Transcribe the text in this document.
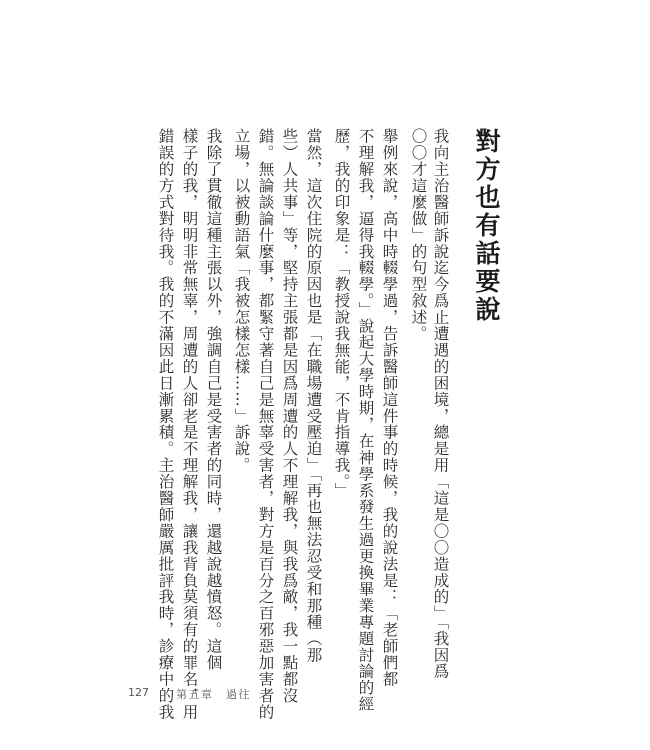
對方也有話要說
我向主治醫師訴說迄今爲止遭遇的困境，總是用「這是〇〇造成的」「我因爲
〇〇才這麼做」的句型敘述。
舉例來說，高中時輟學過，告訴醫師這件事的時候，我的說法是：「老師們都
不理解我，逼得我輟學。」說起大學時期，在神學系發生過更換畢業專題討論的經
歷，我的印象是：「教授說我無能，不肯指導我。」
當然，這次住院的原因也是「在職場遭受壓迫」「再也無法忍受和那種（那
些）人共事」等，堅持主張都是因爲周遭的人不理解我，與我爲敵，我一點都沒
錯。無論談論什麼事，都緊守著自己是無辜受害者，對方是百分之百邪惡加害者的
立場，以被動語氣「我被怎樣怎樣……」訴說。
我除了貫徹這種主張以外，強調自己是受害者的同時，還越說越憤怒。這個
樣子的我，明明非常無辜，周遭的人卻老是不理解我，讓我背負莫須有的罪名，用
錯誤的方式對待我。我的不滿因此日漸累積。主治醫師嚴厲批評我時，診療中的我
127 第五章　過往
